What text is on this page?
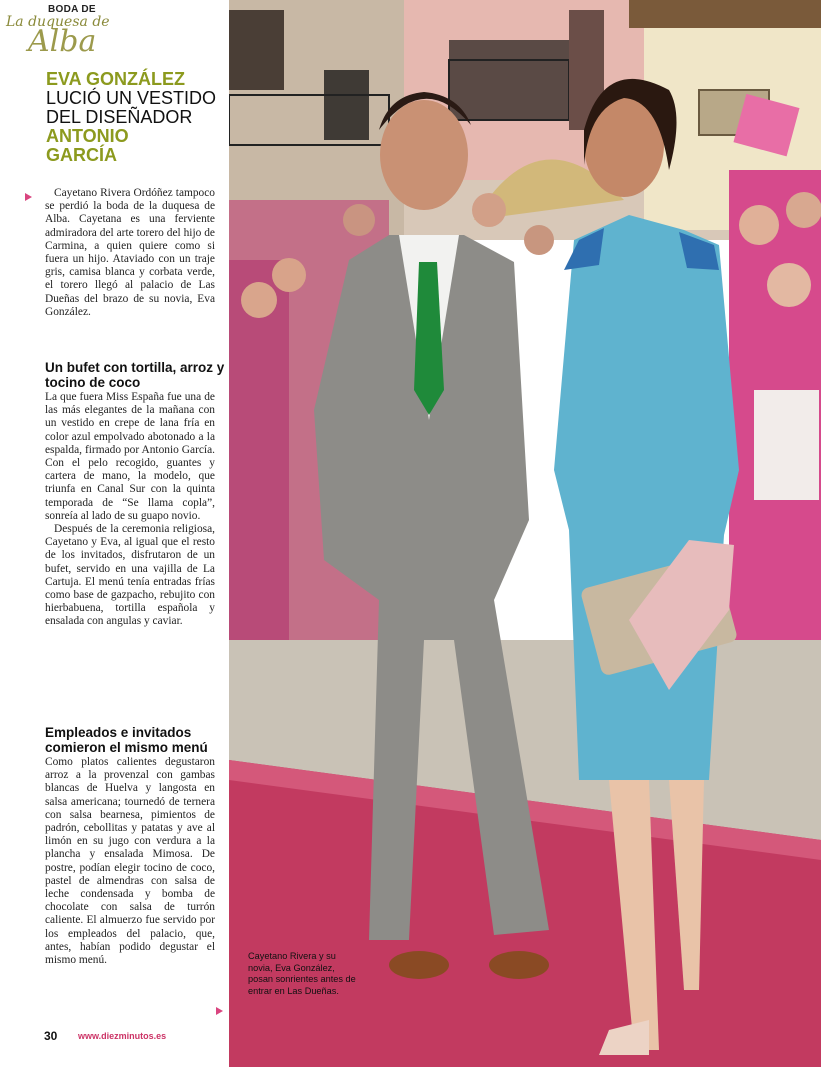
BODA DE
La duquesa de
Alba
EVA GONZÁLEZ
LUCIÓ UN VESTIDO
DEL DISEÑADOR
ANTONIO
GARCÍA

Cayetano Rivera Ordóñez tampoco se perdió la boda de la duquesa de Alba. Cayetana es una ferviente admiradora del arte torero del hijo de Carmina, a quien quiere como si fuera un hijo. Ataviado con un traje gris, camisa blanca y corbata verde, el torero llegó al palacio de Las Dueñas del brazo de su novia, Eva González.

Un bufet con tortilla, arroz y tocino de coco

La que fuera Miss España fue una de las más elegantes de la mañana con un vestido en crepe de lana fría en color azul empolvado abotonado a la espalda, firmado por Antonio García. Con el pelo recogido, guantes y cartera de mano, la modelo, que triunfa en Canal Sur con la quinta temporada de “Se llama copla”, sonreía al lado de su guapo novio.

Después de la ceremonia religiosa, Cayetano y Eva, al igual que el resto de los invitados, disfrutaron de un bufet, servido en una vajilla de La Cartuja. El menú tenía entradas frías como base de gazpacho, rebujito con hierbabuena, tortilla española y ensalada con angulas y caviar.

Empleados e invitados comieron el mismo menú

Como platos calientes degustaron arroz a la provenzal con gambas blancas de Huelva y langosta en salsa americana; tournedó de ternera con salsa bearnesa, pimientos de padrón, cebollitas y patatas y ave al limón en su jugo con verdura a la plancha y ensalada Mimosa. De postre, podían elegir tocino de coco, pastel de almendras con salsa de leche condensada y bomba de chocolate con salsa de turrón caliente. El almuerzo fue servido por los empleados del palacio, que, antes, habían podido degustar el mismo menú.

30 www.diezminutos.es
Cayetano Rivera y su novia, Eva González, posan sonrientes antes de entrar en Las Dueñas.
